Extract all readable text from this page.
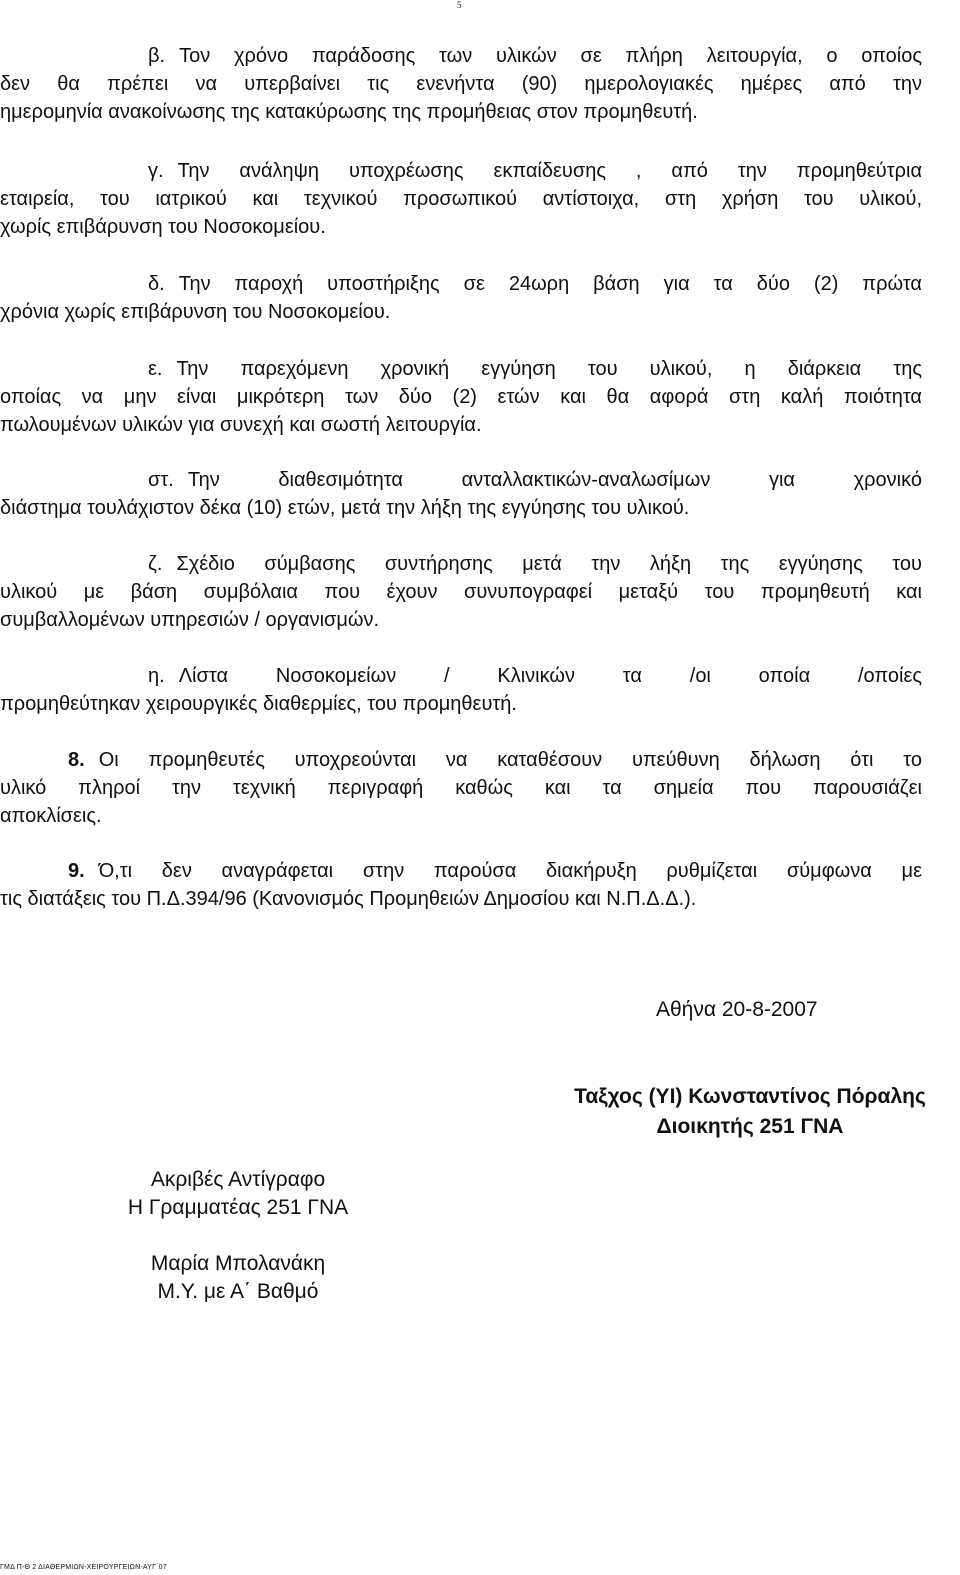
5
β. Τον χρόνο παράδοσης των υλικών σε πλήρη λειτουργία, ο οποίος
δεν θα πρέπει να υπερβαίνει τις ενενήντα (90) ημερολογιακές ημέρες από την
ημερομηνία ανακοίνωσης της κατακύρωσης της προμήθειας στον προμηθευτή.
γ. Την ανάληψη υποχρέωσης εκπαίδευσης , από την προμηθεύτρια
εταιρεία, του ιατρικού και τεχνικού προσωπικού αντίστοιχα, στη χρήση του υλικού,
χωρίς επιβάρυνση του Νοσοκομείου.
δ. Την παροχή υποστήριξης σε 24ωρη βάση για τα δύο (2) πρώτα
χρόνια χωρίς επιβάρυνση του Νοσοκομείου.
ε. Την παρεχόμενη χρονική εγγύηση του υλικού, η διάρκεια της
οποίας να μην είναι μικρότερη των δύο (2) ετών και θα αφορά στη καλή ποιότητα
πωλουμένων υλικών για συνεχή και σωστή λειτουργία.
στ. Την διαθεσιμότητα ανταλλακτικών-αναλωσίμων για χρονικό
διάστημα τουλάχιστον δέκα (10) ετών, μετά την λήξη της εγγύησης του υλικού.
ζ. Σχέδιο σύμβασης συντήρησης μετά την λήξη της εγγύησης του
υλικού με βάση συμβόλαια που έχουν συνυπογραφεί μεταξύ του προμηθευτή και
συμβαλλομένων υπηρεσιών / οργανισμών.
η. Λίστα Νοσοκομείων / Κλινικών τα /οι οποία /οποίες
προμηθεύτηκαν χειρουργικές διαθερμίες, του προμηθευτή.
8. Οι προμηθευτές υποχρεούνται να καταθέσουν υπεύθυνη δήλωση ότι το
υλικό πληροί την τεχνική περιγραφή καθώς και τα σημεία που παρουσιάζει
αποκλίσεις.
9. Ό,τι δεν αναγράφεται στην παρούσα διακήρυξη ρυθμίζεται σύμφωνα με
τις διατάξεις του Π.Δ.394/96 (Κανονισμός Προμηθειών Δημοσίου και Ν.Π.Δ.Δ.).
Αθήνα 20-8-2007
Ταξχος (ΥΙ) Κωνσταντίνος Πόραλης
Διοικητής 251 ΓΝΑ
Ακριβές Αντίγραφο
Η Γραμματέας 251 ΓΝΑ
Μαρία Μπολανάκη
Μ.Υ. με Α΄ Βαθμό
ΓΜΔ Π-Θ 2 ΔΙΑΘΕΡΜΙΩΝ-ΧΕΙΡΟΥΡΓΕΙΩΝ-ΑΥΓ΄07
